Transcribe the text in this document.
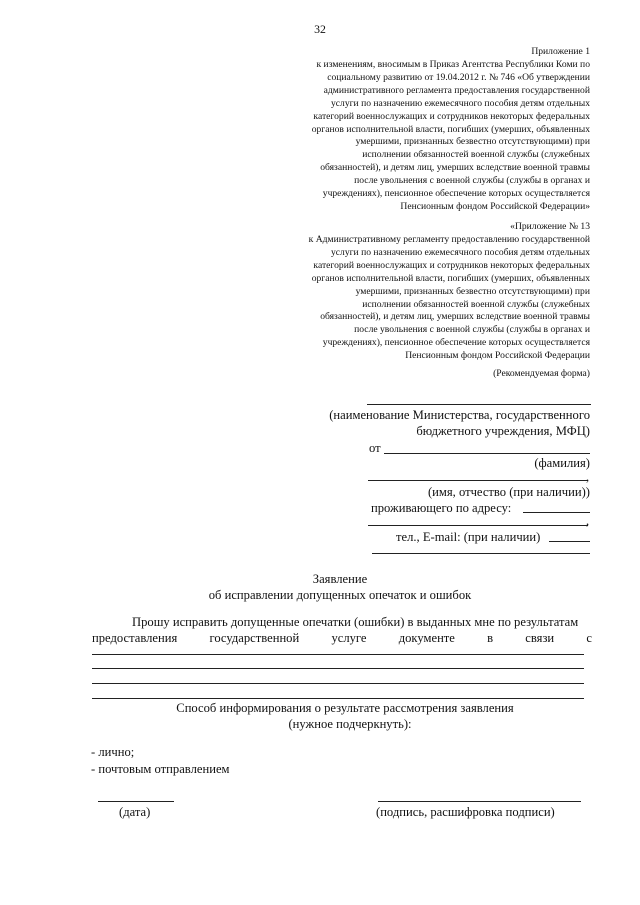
32
Приложение 1
к изменениям, вносимым в Приказ Агентства Республики Коми по
социальному развитию от 19.04.2012 г. № 746 «Об утверждении
административного регламента предоставления государственной
услуги по назначению ежемесячного пособия детям отдельных
категорий военнослужащих и сотрудников некоторых федеральных
органов исполнительной власти, погибших (умерших, объявленных
умершими, признанных безвестно отсутствующими) при
исполнении обязанностей военной службы (служебных
обязанностей), и детям лиц, умерших вследствие военной травмы
после увольнения с военной службы (службы в органах и
учреждениях), пенсионное обеспечение которых осуществляется
Пенсионным фондом Российской Федерации»
«Приложение № 13
к Административному регламенту предоставлению государственной
услуги по назначению ежемесячного пособия детям отдельных
категорий военнослужащих и сотрудников некоторых федеральных
органов исполнительной власти, погибших (умерших, объявленных
умершими, признанных безвестно отсутствующими) при
исполнении обязанностей военной службы (служебных
обязанностей), и детям лиц, умерших вследствие военной травмы
после увольнения с военной службы (службы в органах и
учреждениях), пенсионное обеспечение которых осуществляется
Пенсионным фондом Российской Федерации
(Рекомендуемая форма)
(наименование Министерства, государственного
бюджетного учреждения, МФЦ)
от
(фамилия)
,
(имя, отчество (при наличии))
проживающего по адресу:
,
тел., E-mail: (при наличии)
Заявление
об исправлении допущенных опечаток и ошибок
Прошу исправить допущенные опечатки (ошибки) в выданных мне по результатам
предоставления государственной услуге документе в связи с
Способ информирования о результате рассмотрения заявления
(нужное подчеркнуть):
- лично;
- почтовым отправлением
(дата)	(подпись, расшифровка подписи)
